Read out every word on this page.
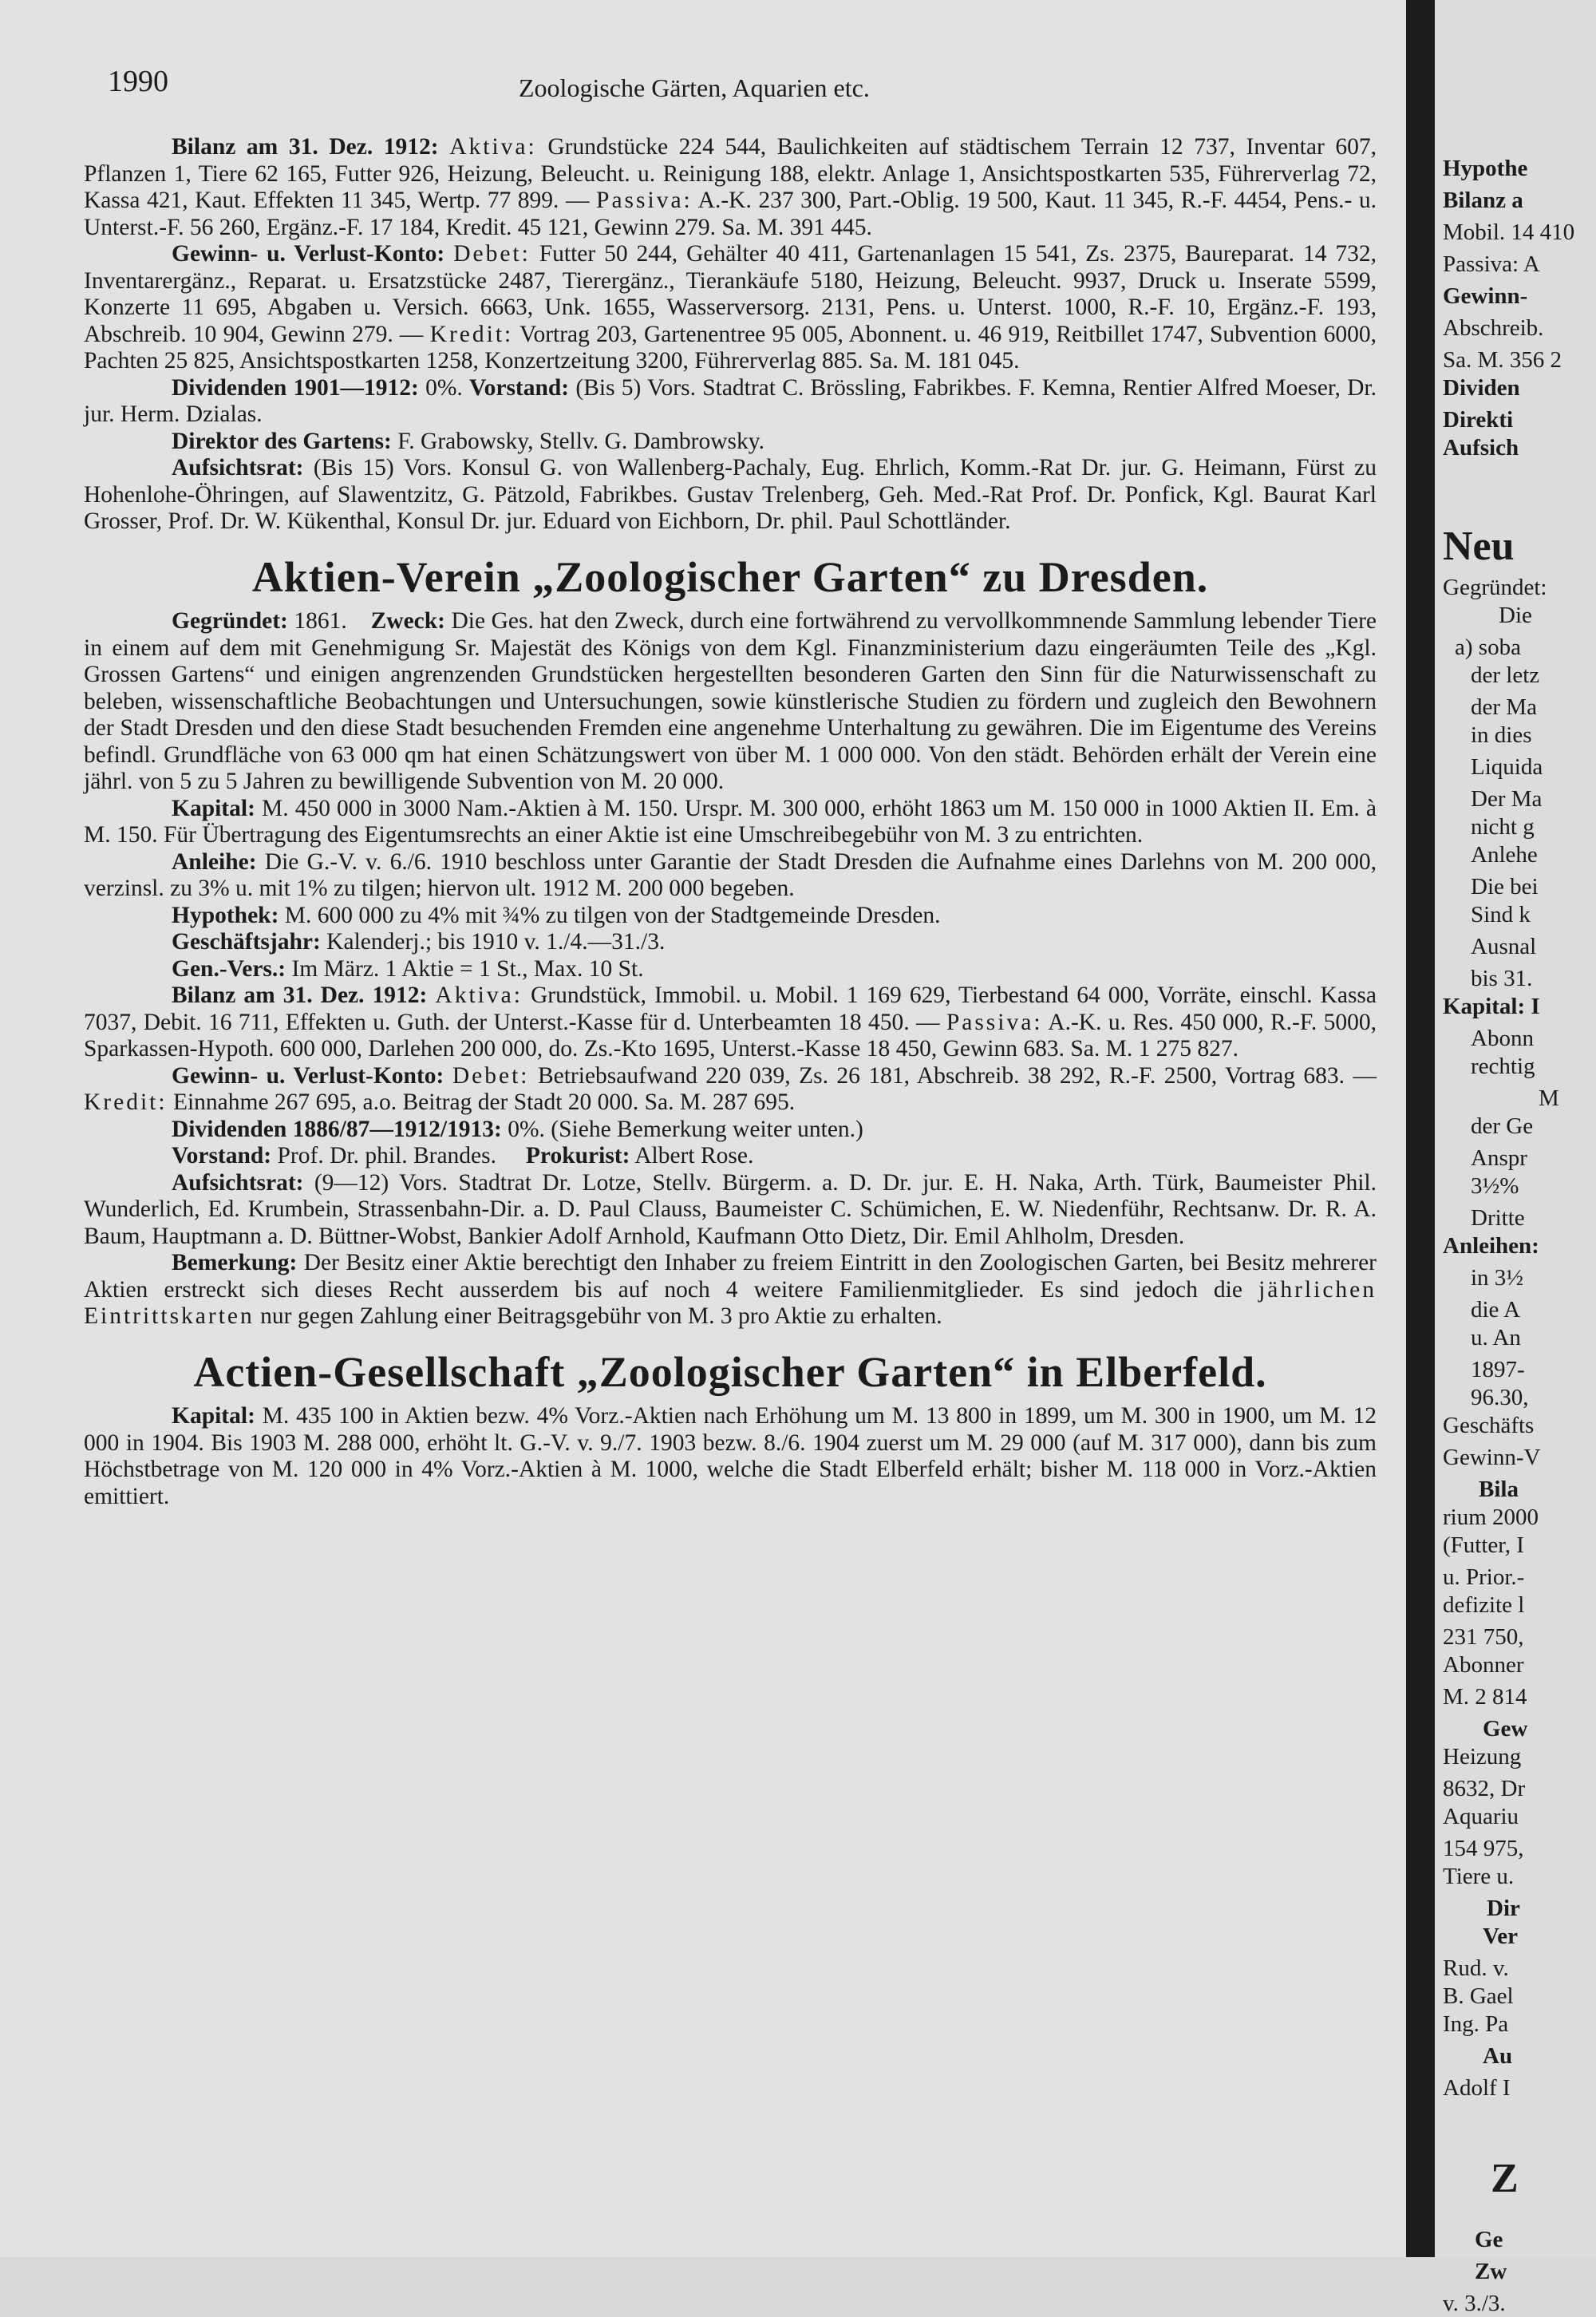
1990	Zoologische Gärten, Aquarien etc.

Bilanz am 31. Dez. 1912: Aktiva: Grundstücke 224 544, Baulichkeiten auf städtischem Terrain 12 737, Inventar 607, Pflanzen 1, Tiere 62 165, Futter 926, Heizung, Beleucht. u. Reinigung 188, elektr. Anlage 1, Ansichtspostkarten 535, Führerverlag 72, Kassa 421, Kaut. Effekten 11 345, Wertp. 77 899. — Passiva: A.-K. 237 300, Part.-Oblig. 19 500, Kaut. 11 345, R.-F. 4454, Pens.- u. Unterst.-F. 56 260, Ergänz.-F. 17 184, Kredit. 45 121, Gewinn 279. Sa. M. 391 445.

Gewinn- u. Verlust-Konto: Debet: Futter 50 244, Gehälter 40 411, Gartenanlagen 15 541, Zs. 2375, Baureparat. 14 732, Inventarergänz., Reparat. u. Ersatzstücke 2487, Tierergänz., Tierankäufe 5180, Heizung, Beleucht. 9937, Druck u. Inserate 5599, Konzerte 11 695, Abgaben u. Versich. 6663, Unk. 1655, Wasserversorg. 2131, Pens. u. Unterst. 1000, R.-F. 10, Ergänz.-F. 193, Abschreib. 10 904, Gewinn 279. — Kredit: Vortrag 203, Gartenentree 95 005, Abonnent. u. 46 919, Reitbillet 1747, Subvention 6000, Pachten 25 825, Ansichtspostkarten 1258, Konzertzeitung 3200, Führerverlag 885. Sa. M. 181 045.

Dividenden 1901—1912: 0%. Vorstand: (Bis 5) Vors. Stadtrat C. Brössling, Fabrikbes. F. Kemna, Rentier Alfred Moeser, Dr. jur. Herm. Dzialas.

Direktor des Gartens: F. Grabowsky, Stellv. G. Dambrowsky.

Aufsichtsrat: (Bis 15) Vors. Konsul G. von Wallenberg-Pachaly, Eug. Ehrlich, Komm.-Rat Dr. jur. G. Heimann, Fürst zu Hohenlohe-Öhringen, auf Slawentzitz, G. Pätzold, Fabrikbes. Gustav Trelenberg, Geh. Med.-Rat Prof. Dr. Ponfick, Kgl. Baurat Karl Grosser, Prof. Dr. W. Kükenthal, Konsul Dr. jur. Eduard von Eichborn, Dr. phil. Paul Schottländer.

Aktien-Verein „Zoologischer Garten“ zu Dresden.

Gegründet: 1861. Zweck: Die Ges. hat den Zweck, durch eine fortwährend zu vervollkommnende Sammlung lebender Tiere in einem auf dem mit Genehmigung Sr. Majestät des Königs von dem Kgl. Finanzministerium dazu eingeräumten Teile des „Kgl. Grossen Gartens“ und einigen angrenzenden Grundstücken hergestellten besonderen Garten den Sinn für die Naturwissenschaft zu beleben, wissenschaftliche Beobachtungen und Untersuchungen, sowie künstlerische Studien zu fördern und zugleich den Bewohnern der Stadt Dresden und den diese Stadt besuchenden Fremden eine angenehme Unterhaltung zu gewähren. Die im Eigentume des Vereins befindl. Grundfläche von 63 000 qm hat einen Schätzungswert von über M. 1 000 000. Von den städt. Behörden erhält der Verein eine jährl. von 5 zu 5 Jahren zu bewilligende Subvention von M. 20 000.

Kapital: M. 450 000 in 3000 Nam.-Aktien à M. 150. Urspr. M. 300 000, erhöht 1863 um M. 150 000 in 1000 Aktien II. Em. à M. 150. Für Übertragung des Eigentumsrechts an einer Aktie ist eine Umschreibegebühr von M. 3 zu entrichten.

Anleihe: Die G.-V. v. 6./6. 1910 beschloss unter Garantie der Stadt Dresden die Aufnahme eines Darlehns von M. 200 000, verzinsl. zu 3% u. mit 1% zu tilgen; hiervon ult. 1912 M. 200 000 begeben.

Hypothek: M. 600 000 zu 4% mit ¾% zu tilgen von der Stadtgemeinde Dresden.

Geschäftsjahr: Kalenderj.; bis 1910 v. 1./4.—31./3.

Gen.-Vers.: Im März. 1 Aktie = 1 St., Max. 10 St.

Bilanz am 31. Dez. 1912: Aktiva: Grundstück, Immobil. u. Mobil. 1 169 629, Tierbestand 64 000, Vorräte, einschl. Kassa 7037, Debit. 16 711, Effekten u. Guth. der Unterst.-Kasse für d. Unterbeamten 18 450. — Passiva: A.-K. u. Res. 450 000, R.-F. 5000, Sparkassen-Hypoth. 600 000, Darlehen 200 000, do. Zs.-Kto 1695, Unterst.-Kasse 18 450, Gewinn 683. Sa. M. 1 275 827.

Gewinn- u. Verlust-Konto: Debet: Betriebsaufwand 220 039, Zs. 26 181, Abschreib. 38 292, R.-F. 2500, Vortrag 683. — Kredit: Einnahme 267 695, a.o. Beitrag der Stadt 20 000. Sa. M. 287 695.

Dividenden 1886/87—1912/1913: 0%. (Siehe Bemerkung weiter unten.)

Vorstand: Prof. Dr. phil. Brandes. Prokurist: Albert Rose.

Aufsichtsrat: (9—12) Vors. Stadtrat Dr. Lotze, Stellv. Bürgerm. a. D. Dr. jur. E. H. Naka, Arth. Türk, Baumeister Phil. Wunderlich, Ed. Krumbein, Strassenbahn-Dir. a. D. Paul Clauss, Baumeister C. Schümichen, E. W. Niedenführ, Rechtsanw. Dr. R. A. Baum, Hauptmann a. D. Büttner-Wobst, Bankier Adolf Arnhold, Kaufmann Otto Dietz, Dir. Emil Ahlholm, Dresden.

Bemerkung: Der Besitz einer Aktie berechtigt den Inhaber zu freiem Eintritt in den Zoologischen Garten, bei Besitz mehrerer Aktien erstreckt sich dieses Recht ausserdem bis auf noch 4 weitere Familienmitglieder. Es sind jedoch die jährlichen Eintrittskarten nur gegen Zahlung einer Beitragsgebühr von M. 3 pro Aktie zu erhalten.

Actien-Gesellschaft „Zoologischer Garten“ in Elberfeld.

Kapital: M. 435 100 in Aktien bezw. 4% Vorz.-Aktien nach Erhöhung um M. 13 800 in 1899, um M. 300 in 1900, um M. 12 000 in 1904. Bis 1903 M. 288 000, erhöht lt. G.-V. v. 9./7. 1903 bezw. 8./6. 1904 zuerst um M. 29 000 (auf M. 317 000), dann bis zum Höchstbetrage von M. 120 000 in 4% Vorz.-Aktien à M. 1000, welche die Stadt Elberfeld erhält; bisher M. 118 000 in Vorz.-Aktien emittiert.

Hypothe
Bilanz a
Mobil. 14 410
Passiva: A
Gewinn-
Abschreib.
Sa. M. 356 2
Dividen
Direkti
Aufsich
Neu
Gegründet:
Die
a) soba
der letz
der Ma
in dies
Liquida
Der Ma
nicht g
Anlehe
Die bei
Sind k
Ausnal
bis 31.
Kapital: I
Abonn
rechtig
M
der Ge
Anspr
3½%
Dritte
Anleihen:
in 3½
die A
u. An
1897-
96.30,
Geschäfts
Gewinn-V
Bila
rium 2000
(Futter, I
u. Prior.-
defizite l
231 750,
Abonner
M. 2 814
Gew
Heizung
8632, Dr
Aquariu
154 975,
Tiere u.
Dir
Ver
Rud. v.
B. Gael
Ing. Pa
Au
Adolf I
Z
Ge
Zw
v. 3./3.
